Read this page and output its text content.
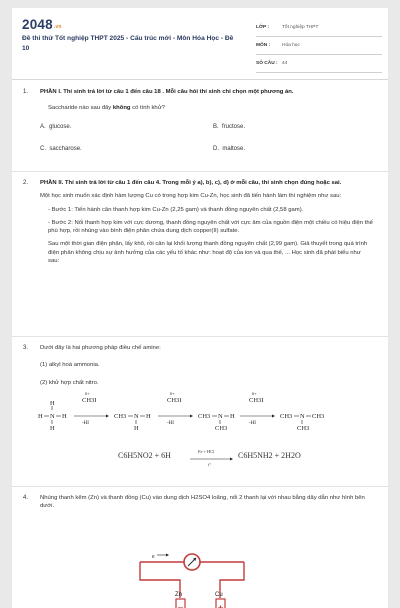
$2048_{.vn}$
Đề thi thử Tốt nghiệp THPT 2025 - Cấu trúc mới - Môn Hóa Học - Đề 10
LỚP :	Tốt nghiệp THPT
MÔN :	Hóa học
SỐ CÂU : 44
1. PHẦN I. Thí sinh trả lời từ câu 1 đến câu 18 . Mỗi câu hỏi thí sinh chỉ chọn một phương án.
Saccharide nào sau đây không có tính khử?
A. glucose.	B. fructose.
C. saccharose.	D. maltose.
2. PHẦN II. Thí sinh trả lời từ câu 1 đến câu 4. Trong mỗi ý a), b), c), d) ở mỗi câu, thí sinh chọn đúng hoặc sai.
Một học sinh muốn xác định hàm lượng Cu có trong hợp kim Cu-Zn, học sinh đã tiến hành làm thí nghiệm như sau:
- Bước 1: Tiến hành cân thanh hợp kim Cu-Zn (2,25 gam) và thanh đồng nguyên chất (2,58 gam).
- Bước 2: Nối thanh hợp kim với cực dương, thanh đồng nguyên chất với cực âm của nguồn điện một chiều có hiệu điện thế phù hợp, rồi nhúng vào bình điện phân chứa dung dịch copper(II) sulfate.
Sau một thời gian điện phân, lấy khô, rồi cân lại khối lượng thanh đồng nguyên chất (2,99 gam). Giả thuyết trong quá trình điện phân không chịu sự ảnh hưởng của các yếu tố khác như: hoạt độ của ion và qua thế, ... Học sinh đã phát biểu như sau:
3. Dưới đây là hai phương pháp điều chế amine:
(1) alkyl hoá ammonia.
(2) khử hợp chất nitro.
H N H
H
H
δ+
CH3I
-HI
CH3 N H
H
δ+
CH3I
-HI
CH3 N H
CH3
δ+
CH3I
-HI
CH3 N CH3
CH3
C6H5NO2 + 6H	Fe + HCl
t°
C6H5NH2 + 2H2O
4. Nhúng thanh kẽm (Zn) và thanh đồng (Cu) vào dung dịch H2SO4 loãng, nối 2 thanh lại với nhau bằng dây dẫn như hình bên dưới.
e
Zn	Cu
